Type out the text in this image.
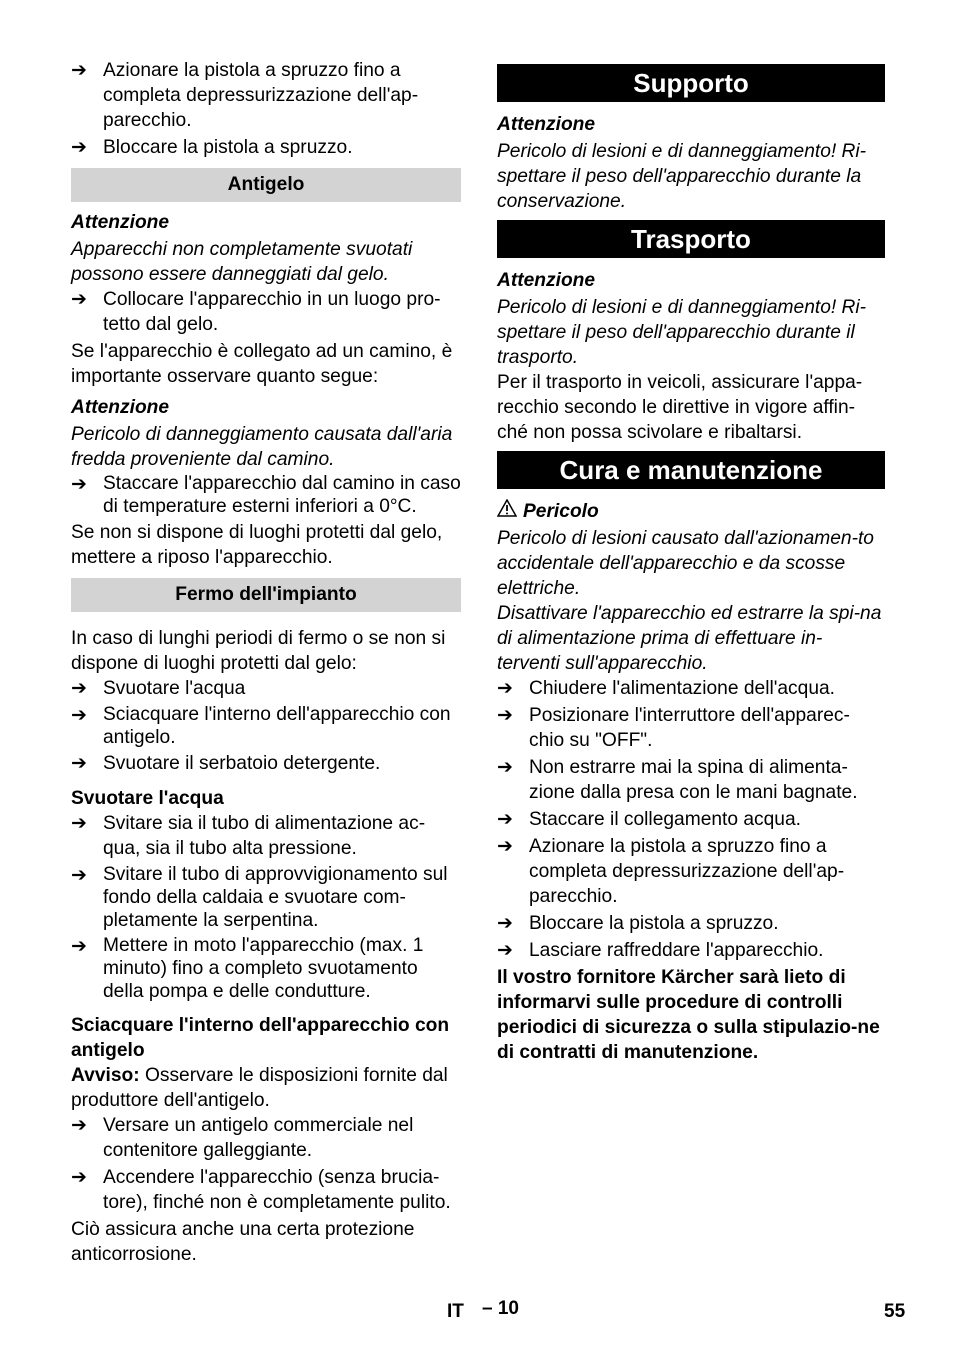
➔ Azionare la pistola a spruzzo fino a completa depressurizzazione dell'ap-parecchio.
➔ Bloccare la pistola a spruzzo.
Antigelo

Attenzione

Apparecchi non completamente svuotati possono essere danneggiati dal gelo.

➔ Collocare l'apparecchio in un luogo pro-tetto dal gelo.

Se l'apparecchio è collegato ad un camino, è importante osservare quanto segue:

Attenzione

Pericolo di danneggiamento causata dall'aria fredda proveniente dal camino.

➔ Staccare l'apparecchio dal camino in caso di temperature esterni inferiori a 0°C.

Se non si dispone di luoghi protetti dal gelo, mettere a riposo l'apparecchio.

Fermo dell'impianto

In caso di lunghi periodi di fermo o se non si dispone di luoghi protetti dal gelo:

➔ Svuotare l'acqua
➔ Sciacquare l'interno dell'apparecchio con antigelo.
➔ Svuotare il serbatoio detergente.

Svuotare l'acqua

➔ Svitare sia il tubo di alimentazione ac-qua, sia il tubo alta pressione.
➔ Svitare il tubo di approvvigionamento sul fondo della caldaia e svuotare com-pletamente la serpentina.
➔ Mettere in moto l'apparecchio (max. 1 minuto) fino a completo svuotamento della pompa e delle condutture.

Sciacquare l'interno dell'apparecchio con antigelo

Avviso: Osservare le disposizioni fornite dal produttore dell'antigelo.

➔ Versare un antigelo commerciale nel contenitore galleggiante.
➔ Accendere l'apparecchio (senza brucia-tore), finché non è completamente pulito.

Ciò assicura anche una certa protezione anticorrosione.

Supporto

Attenzione

Pericolo di lesioni e di danneggiamento! Ri-spettare il peso dell'apparecchio durante la conservazione.

Trasporto

Attenzione

Pericolo di lesioni e di danneggiamento! Ri-spettare il peso dell'apparecchio durante il trasporto.

Per il trasporto in veicoli, assicurare l'appa-recchio secondo le direttive in vigore affin-ché non possa scivolare e ribaltarsi.

Cura e manutenzione

Pericolo

Pericolo di lesioni causato dall'azionamen-to accidentale dell'apparecchio e da scosse elettriche.

Disattivare l'apparecchio ed estrarre la spi-na di alimentazione prima di effettuare in-terventi sull'apparecchio.

➔ Chiudere l'alimentazione dell'acqua.
➔ Posizionare l'interruttore dell'apparec-chio su "OFF".
➔ Non estrarre mai la spina di alimenta-zione dalla presa con le mani bagnate.
➔ Staccare il collegamento acqua.
➔ Azionare la pistola a spruzzo fino a completa depressurizzazione dell'ap-parecchio.
➔ Bloccare la pistola a spruzzo.
➔ Lasciare raffreddare l'apparecchio.

Il vostro fornitore Kärcher sarà lieto di informarvi sulle procedure di controlli periodici di sicurezza o sulla stipulazio-ne di contratti di manutenzione.

IT – 10	55
